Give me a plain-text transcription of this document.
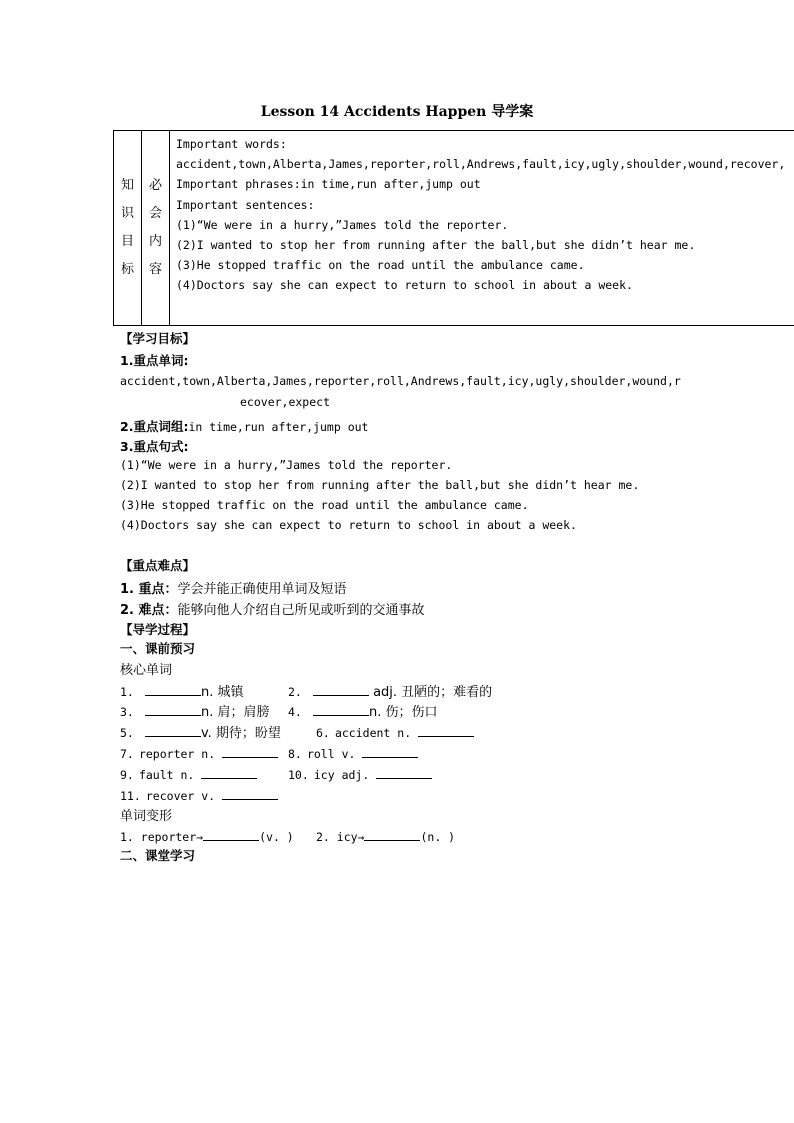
Lesson 14 Accidents Happen 导学案
知
识
目
标

必
会
内
容

Important words:
accident,town,Alberta,James,reporter,roll,Andrews,fault,icy,ugly,shoulder,wound,recover,
Important phrases:in time,run after,jump out
Important sentences:
(1)“We were in a hurry,”James told the reporter.
(2)I wanted to stop her from running after the ball,but she didn’t hear me.
(3)He stopped traffic on the road until the ambulance came.
(4)Doctors say she can expect to return to school in about a week.
【学习目标】
1.重点单词:
accident,town,Alberta,James,reporter,roll,Andrews,fault,icy,ugly,shoulder,wound,r
ecover,expect
2.重点词组:in time,run after,jump out
3.重点句式:
(1)“We were in a hurry,”James told the reporter.
(2)I wanted to stop her from running after the ball,but she didn’t hear me.
(3)He stopped traffic on the road until the ambulance came.
(4)Doctors say she can expect to return to school in about a week.
【重点难点】
1. 重点：学会并能正确使用单词及短语
2. 难点：能够向他人介绍自己所见或听到的交通事故
【导学过程】
一、课前预习
核心单词
1.	n. 城镇	2.	adj. 丑陋的；难看的
3.	n. 肩；肩膀 4.	n. 伤；伤口
5.	v. 期待；盼望	6. accident n.
7. reporter n.	8. roll v.
9. fault n.	10. icy adj.
11. recover v.
单词变形
1. reporter→	(v. ) 2. icy→	(n. )
二、课堂学习
